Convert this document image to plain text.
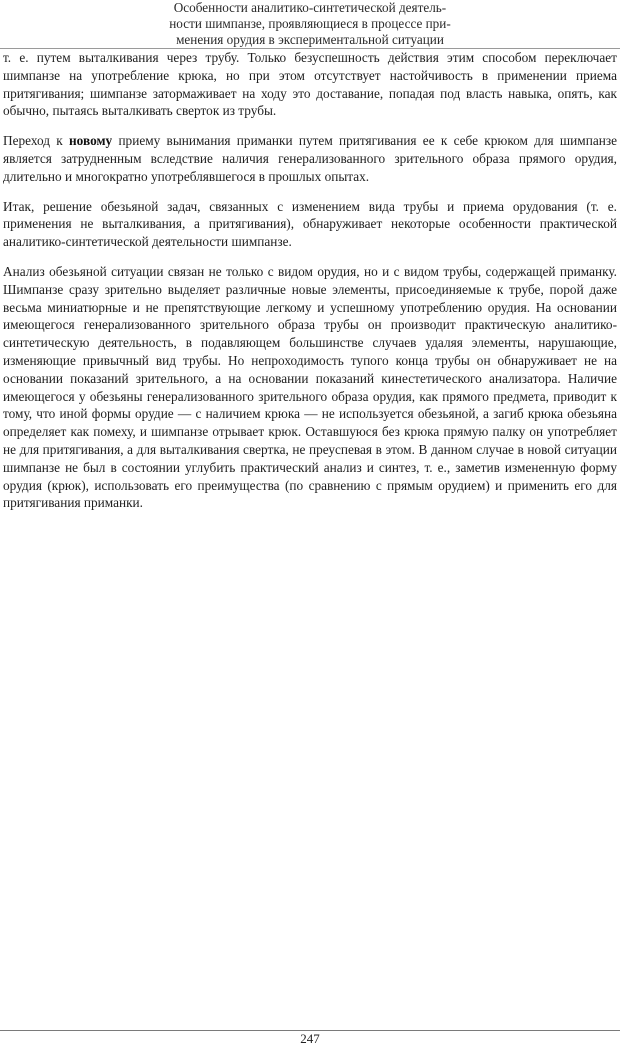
Особенности аналитико-синтетической деятель-
ности шимпанзе, проявляющиеся в процессе при-
менения орудия в экспериментальной ситуации

т. е. путем выталкивания через трубу. Только безуспешность действия этим способом переключает шимпанзе на употребление крюка, но при этом отсутствует настойчивость в применении приема притягивания; шимпанзе затормаживает на ходу это доставание, попадая под власть навыка, опять, как обычно, пытаясь выталкивать сверток из трубы.

Переход к новому приему вынимания приманки путем притягивания ее к себе крюком для шимпанзе является затрудненным вследствие наличия генерализованного зрительного образа прямого орудия, длительно и многократно употреблявшегося в прошлых опытах.

Итак, решение обезьяной задач, связанных с изменением вида трубы и приема орудования (т. е. применения не выталкивания, а притягивания), обнаруживает некоторые особенности практической аналитико-синтетической деятельности шимпанзе.

Анализ обезьяной ситуации связан не только с видом орудия, но и с видом трубы, содержащей приманку. Шимпанзе сразу зрительно выделяет различные новые элементы, присоединяемые к трубе, порой даже весьма миниатюрные и не препятствующие легкому и успешному употреблению орудия. На основании имеющегося генерализованного зрительного образа трубы он производит практическую аналитико-синтетическую деятельность, в подавляющем большинстве случаев удаляя элементы, нарушающие, изменяющие привычный вид трубы. Но непроходимость тупого конца трубы он обнаруживает не на основании показаний зрительного, а на основании показаний кинестетического анализатора. Наличие имеющегося у обезьяны генерализованного зрительного образа орудия, как прямого предмета, приводит к тому, что иной формы орудие — с наличием крюка — не используется обезьяной, а загиб крюка обезьяна определяет как помеху, и шимпанзе отрывает крюк. Оставшуюся без крюка прямую палку он употребляет не для притягивания, а для выталкивания свертка, не преуспевая в этом. В данном случае в новой ситуации шимпанзе не был в состоянии углубить практический анализ и синтез, т. е., заметив измененную форму орудия (крюк), использовать его преимущества (по сравнению с прямым орудием) и применить его для притягивания приманки.

247
